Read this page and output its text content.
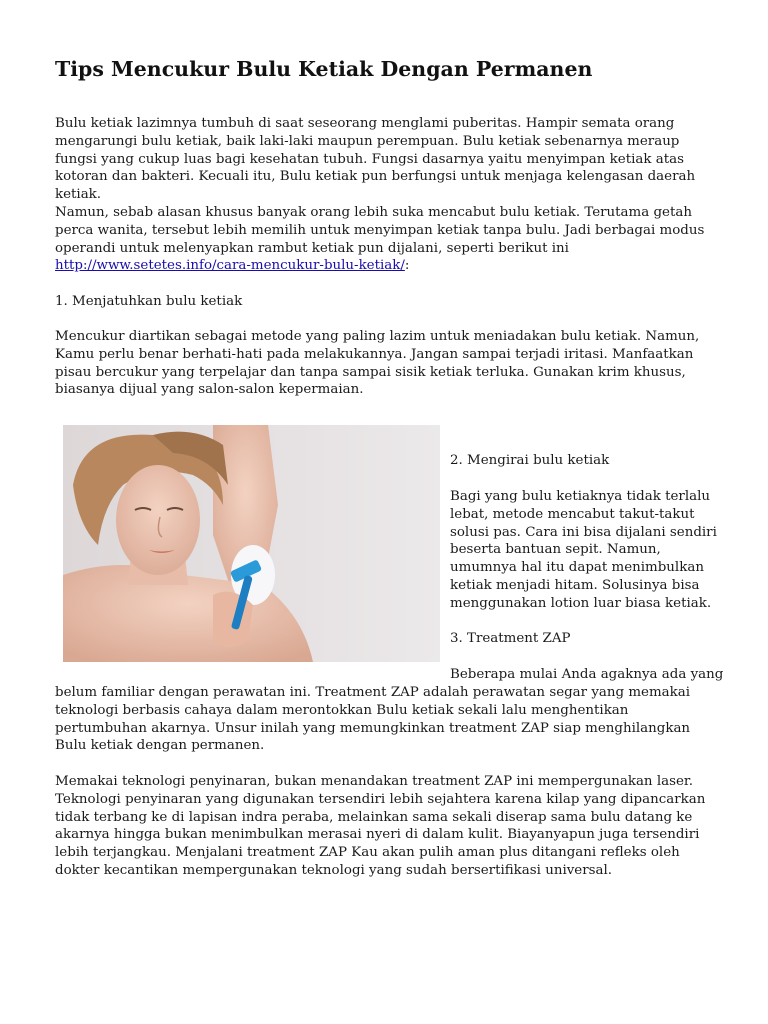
Tips Mencukur Bulu Ketiak Dengan Permanen

Bulu ketiak lazimnya tumbuh di saat seseorang menglami puberitas. Hampir semata orang mengarungi bulu ketiak, baik laki-laki maupun perempuan. Bulu ketiak sebenarnya meraup fungsi yang cukup luas bagi kesehatan tubuh. Fungsi dasarnya yaitu menyimpan ketiak atas kotoran dan bakteri. Kecuali itu, Bulu ketiak pun berfungsi untuk menjaga kelengasan daerah ketiak.

Namun, sebab alasan khusus banyak orang lebih suka mencabut bulu ketiak. Terutama getah perca wanita, tersebut lebih memilih untuk menyimpan ketiak tanpa bulu. Jadi berbagai modus operandi untuk melenyapkan rambut ketiak pun dijalani, seperti berikut ini
http://www.setetes.info/cara-mencukur-bulu-ketiak/:

1. Menjatuhkan bulu ketiak

Mencukur diartikan sebagai metode yang paling lazim untuk meniadakan bulu ketiak. Namun, Kamu perlu benar berhati-hati pada melakukannya. Jangan sampai terjadi iritasi. Manfaatkan pisau bercukur yang terpelajar dan tanpa sampai sisik ketiak terluka. Gunakan krim khusus, biasanya dijual yang salon-salon kepermaian.

2. Mengirai bulu ketiak

Bagi yang bulu ketiaknya tidak terlalu lebat, metode mencabut takut-takut solusi pas. Cara ini bisa dijalani sendiri beserta bantuan sepit. Namun, umumnya hal itu dapat menimbulkan ketiak menjadi hitam. Solusinya bisa menggunakan lotion luar biasa ketiak.

3. Treatment ZAP

Beberapa mulai Anda agaknya ada yang

belum familiar dengan perawatan ini. Treatment ZAP adalah perawatan segar yang memakai teknologi berbasis cahaya dalam merontokkan Bulu ketiak sekali lalu menghentikan pertumbuhan akarnya. Unsur inilah yang memungkinkan treatment ZAP siap menghilangkan Bulu ketiak dengan permanen.

Memakai teknologi penyinaran, bukan menandakan treatment ZAP ini mempergunakan laser. Teknologi penyinaran yang digunakan tersendiri lebih sejahtera karena kilap yang dipancarkan tidak terbang ke di lapisan indra peraba, melainkan sama sekali diserap sama bulu datang ke akarnya hingga bukan menimbulkan merasai nyeri di dalam kulit. Biayanyapun juga tersendiri lebih terjangkau. Menjalani treatment ZAP Kau akan pulih aman plus ditangani refleks oleh dokter kecantikan mempergunakan teknologi yang sudah bersertifikasi universal.
